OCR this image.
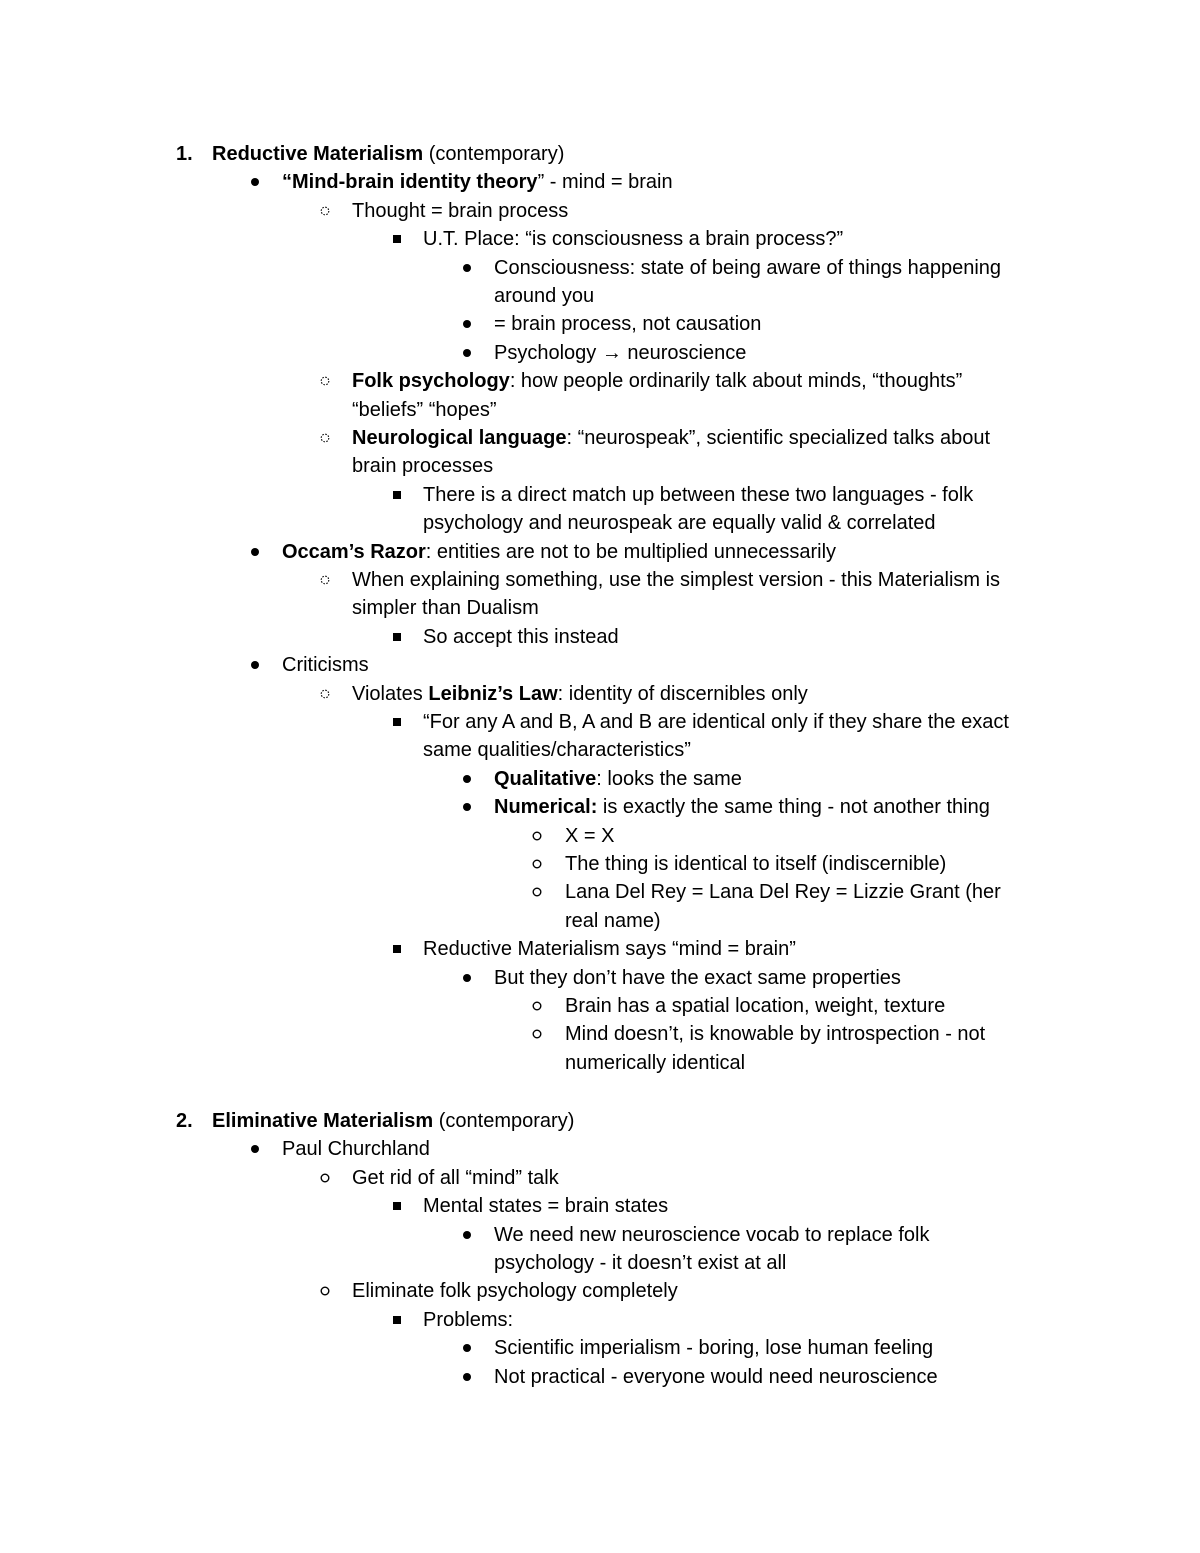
1. Reductive Materialism (contemporary)
“Mind-brain identity theory” - mind = brain
Thought = brain process
U.T. Place: “is consciousness a brain process?”
Consciousness: state of being aware of things happening
around you
= brain process, not causation
Psychology → neuroscience
Folk psychology: how people ordinarily talk about minds, “thoughts”
“beliefs” “hopes”
Neurological language: “neurospeak”, scientific specialized talks about
brain processes
There is a direct match up between these two languages - folk
psychology and neurospeak are equally valid & correlated
Occam’s Razor: entities are not to be multiplied unnecessarily
When explaining something, use the simplest version - this Materialism is
simpler than Dualism
So accept this instead
Criticisms
Violates Leibniz’s Law: identity of discernibles only
“For any A and B, A and B are identical only if they share the exact
same qualities/characteristics”
Qualitative: looks the same
Numerical: is exactly the same thing - not another thing
X = X
The thing is identical to itself (indiscernible)
Lana Del Rey = Lana Del Rey = Lizzie Grant (her
real name)
Reductive Materialism says “mind = brain”
But they don’t have the exact same properties
Brain has a spatial location, weight, texture
Mind doesn’t, is knowable by introspection - not
numerically identical
2. Eliminative Materialism (contemporary)
Paul Churchland
Get rid of all “mind” talk
Mental states = brain states
We need new neuroscience vocab to replace folk
psychology - it doesn’t exist at all
Eliminate folk psychology completely
Problems:
Scientific imperialism - boring, lose human feeling
Not practical - everyone would need neuroscience
